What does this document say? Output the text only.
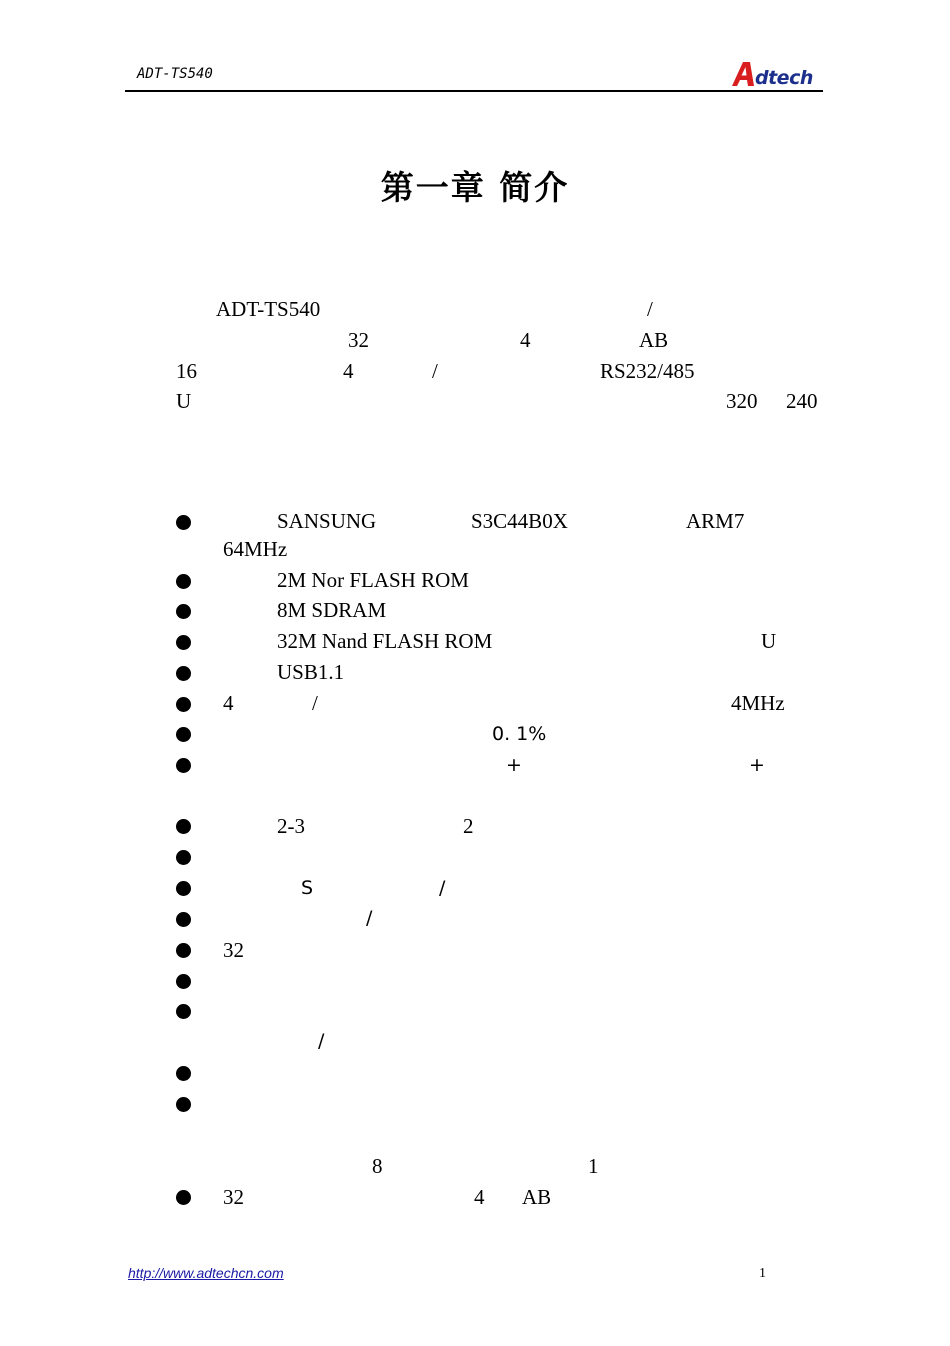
ADT-TS540	dtech
第一章 简介
ADT-TS540	/
32	4	AB
16	4	/	RS232/485
U	320 240
SANSUNG	S3C44B0X	ARM7
64MHz
2M Nor FLASH ROM
8M SDRAM
32M Nand FLASH ROM	U
USB1.1
4	/	4MHz
0. 1%
+	+
2-3	2
S	/
/
32
/
8	1
32	4 AB
http://www.adtechcn.com	1
